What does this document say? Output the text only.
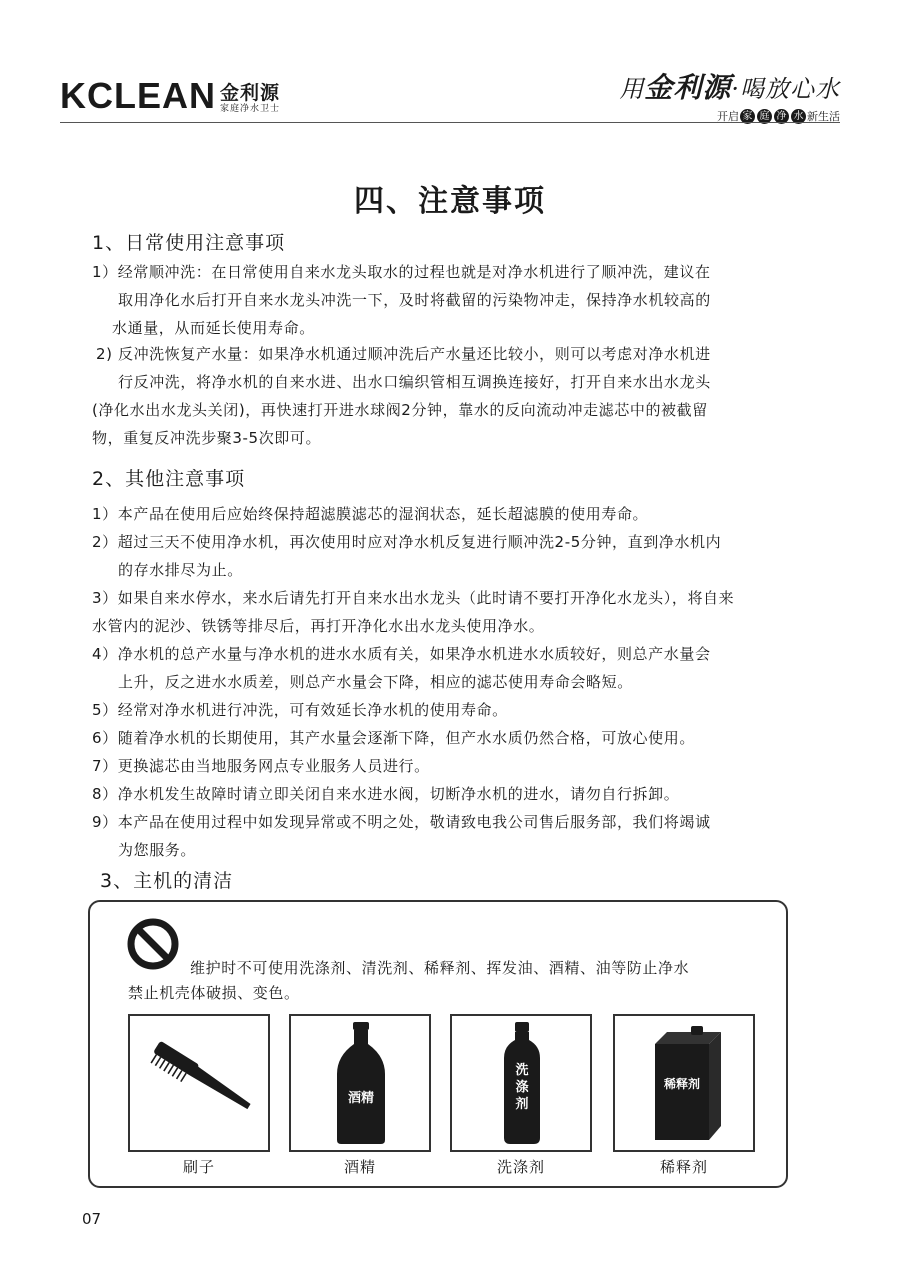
KCLEAN 金利源
家庭净水卫士
用金利源·喝放心水
开启 家 庭 净 水 新生活
四、注意事项
1、日常使用注意事项

1）经常顺冲洗：在日常使用自来水龙头取水的过程也就是对净水机进行了顺冲洗，建议在

取用净化水后打开自来水龙头冲洗一下，及时将截留的污染物冲走，保持净水机较高的

水通量，从而延长使用寿命。

2) 反冲洗恢复产水量：如果净水机通过顺冲洗后产水量还比较小，则可以考虑对净水机进

行反冲洗，将净水机的自来水进、出水口编织管相互调换连接好，打开自来水出水龙头

(净化水出水龙头关闭)，再快速打开进水球阀2分钟，靠水的反向流动冲走滤芯中的被截留

物，重复反冲洗步聚3-5次即可。

2、其他注意事项

1）本产品在使用后应始终保持超滤膜滤芯的湿润状态，延长超滤膜的使用寿命。

2）超过三天不使用净水机，再次使用时应对净水机反复进行顺冲洗2-5分钟，直到净水机内

的存水排尽为止。

3）如果自来水停水，来水后请先打开自来水出水龙头（此时请不要打开净化水龙头），将自来

水管内的泥沙、铁锈等排尽后，再打开净化水出水龙头使用净水。

4）净水机的总产水量与净水机的进水水质有关，如果净水机进水水质较好，则总产水量会

上升，反之进水水质差，则总产水量会下降，相应的滤芯使用寿命会略短。

5）经常对净水机进行冲洗，可有效延长净水机的使用寿命。

6）随着净水机的长期使用，其产水量会逐渐下降，但产水水质仍然合格，可放心使用。

7）更换滤芯由当地服务网点专业服务人员进行。

8）净水机发生故障时请立即关闭自来水进水阀，切断净水机的进水，请勿自行拆卸。

9）本产品在使用过程中如发现异常或不明之处，敬请致电我公司售后服务部，我们将竭诚

为您服务。

3、主机的清洁
维护时不可使用洗涤剂、清洗剂、稀释剂、挥发油、酒精、油等防止净水
禁止机壳体破损、变色。
刷子
酒精
酒精
洗
涤
剂
洗涤剂
稀释剂
稀释剂
07
